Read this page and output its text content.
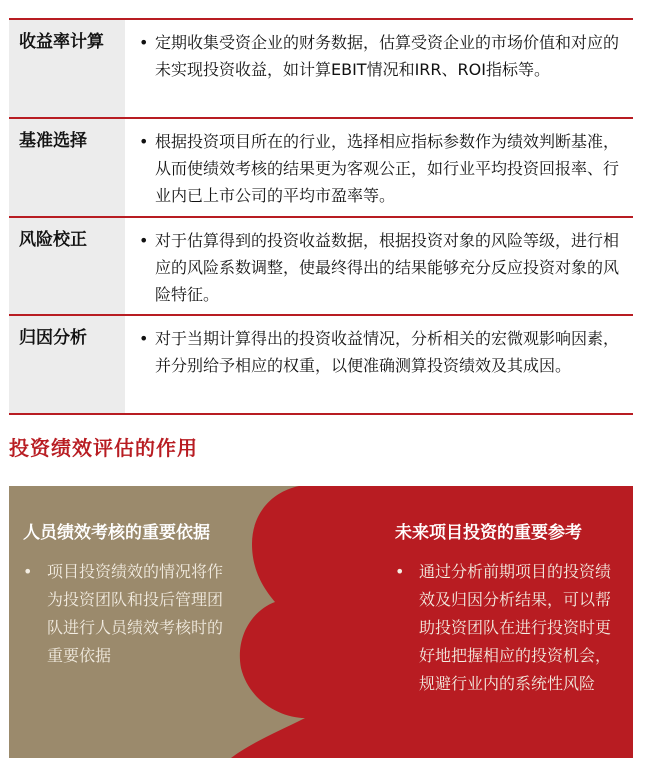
收益率计算	• 定期收集受资企业的财务数据，估算受资企业的市场价值和对应的未实现投资收益，如计算EBIT情况和IRR、ROI指标等。
基准选择	• 根据投资项目所在的行业，选择相应指标参数作为绩效判断基准，从而使绩效考核的结果更为客观公正，如行业平均投资回报率、行业内已上市公司的平均市盈率等。
风险校正	• 对于估算得到的投资收益数据，根据投资对象的风险等级，进行相应的风险系数调整，使最终得出的结果能够充分反应投资对象的风险特征。
归因分析	• 对于当期计算得出的投资收益情况，分析相关的宏微观影响因素，并分别给予相应的权重，以便准确测算投资绩效及其成因。
投资绩效评估的作用
人员绩效考核的重要依据
• 项目投资绩效的情况将作为投资团队和投后管理团队进行人员绩效考核时的重要依据
未来项目投资的重要参考
• 通过分析前期项目的投资绩效及归因分析结果，可以帮助投资团队在进行投资时更好地把握相应的投资机会，规避行业内的系统性风险
